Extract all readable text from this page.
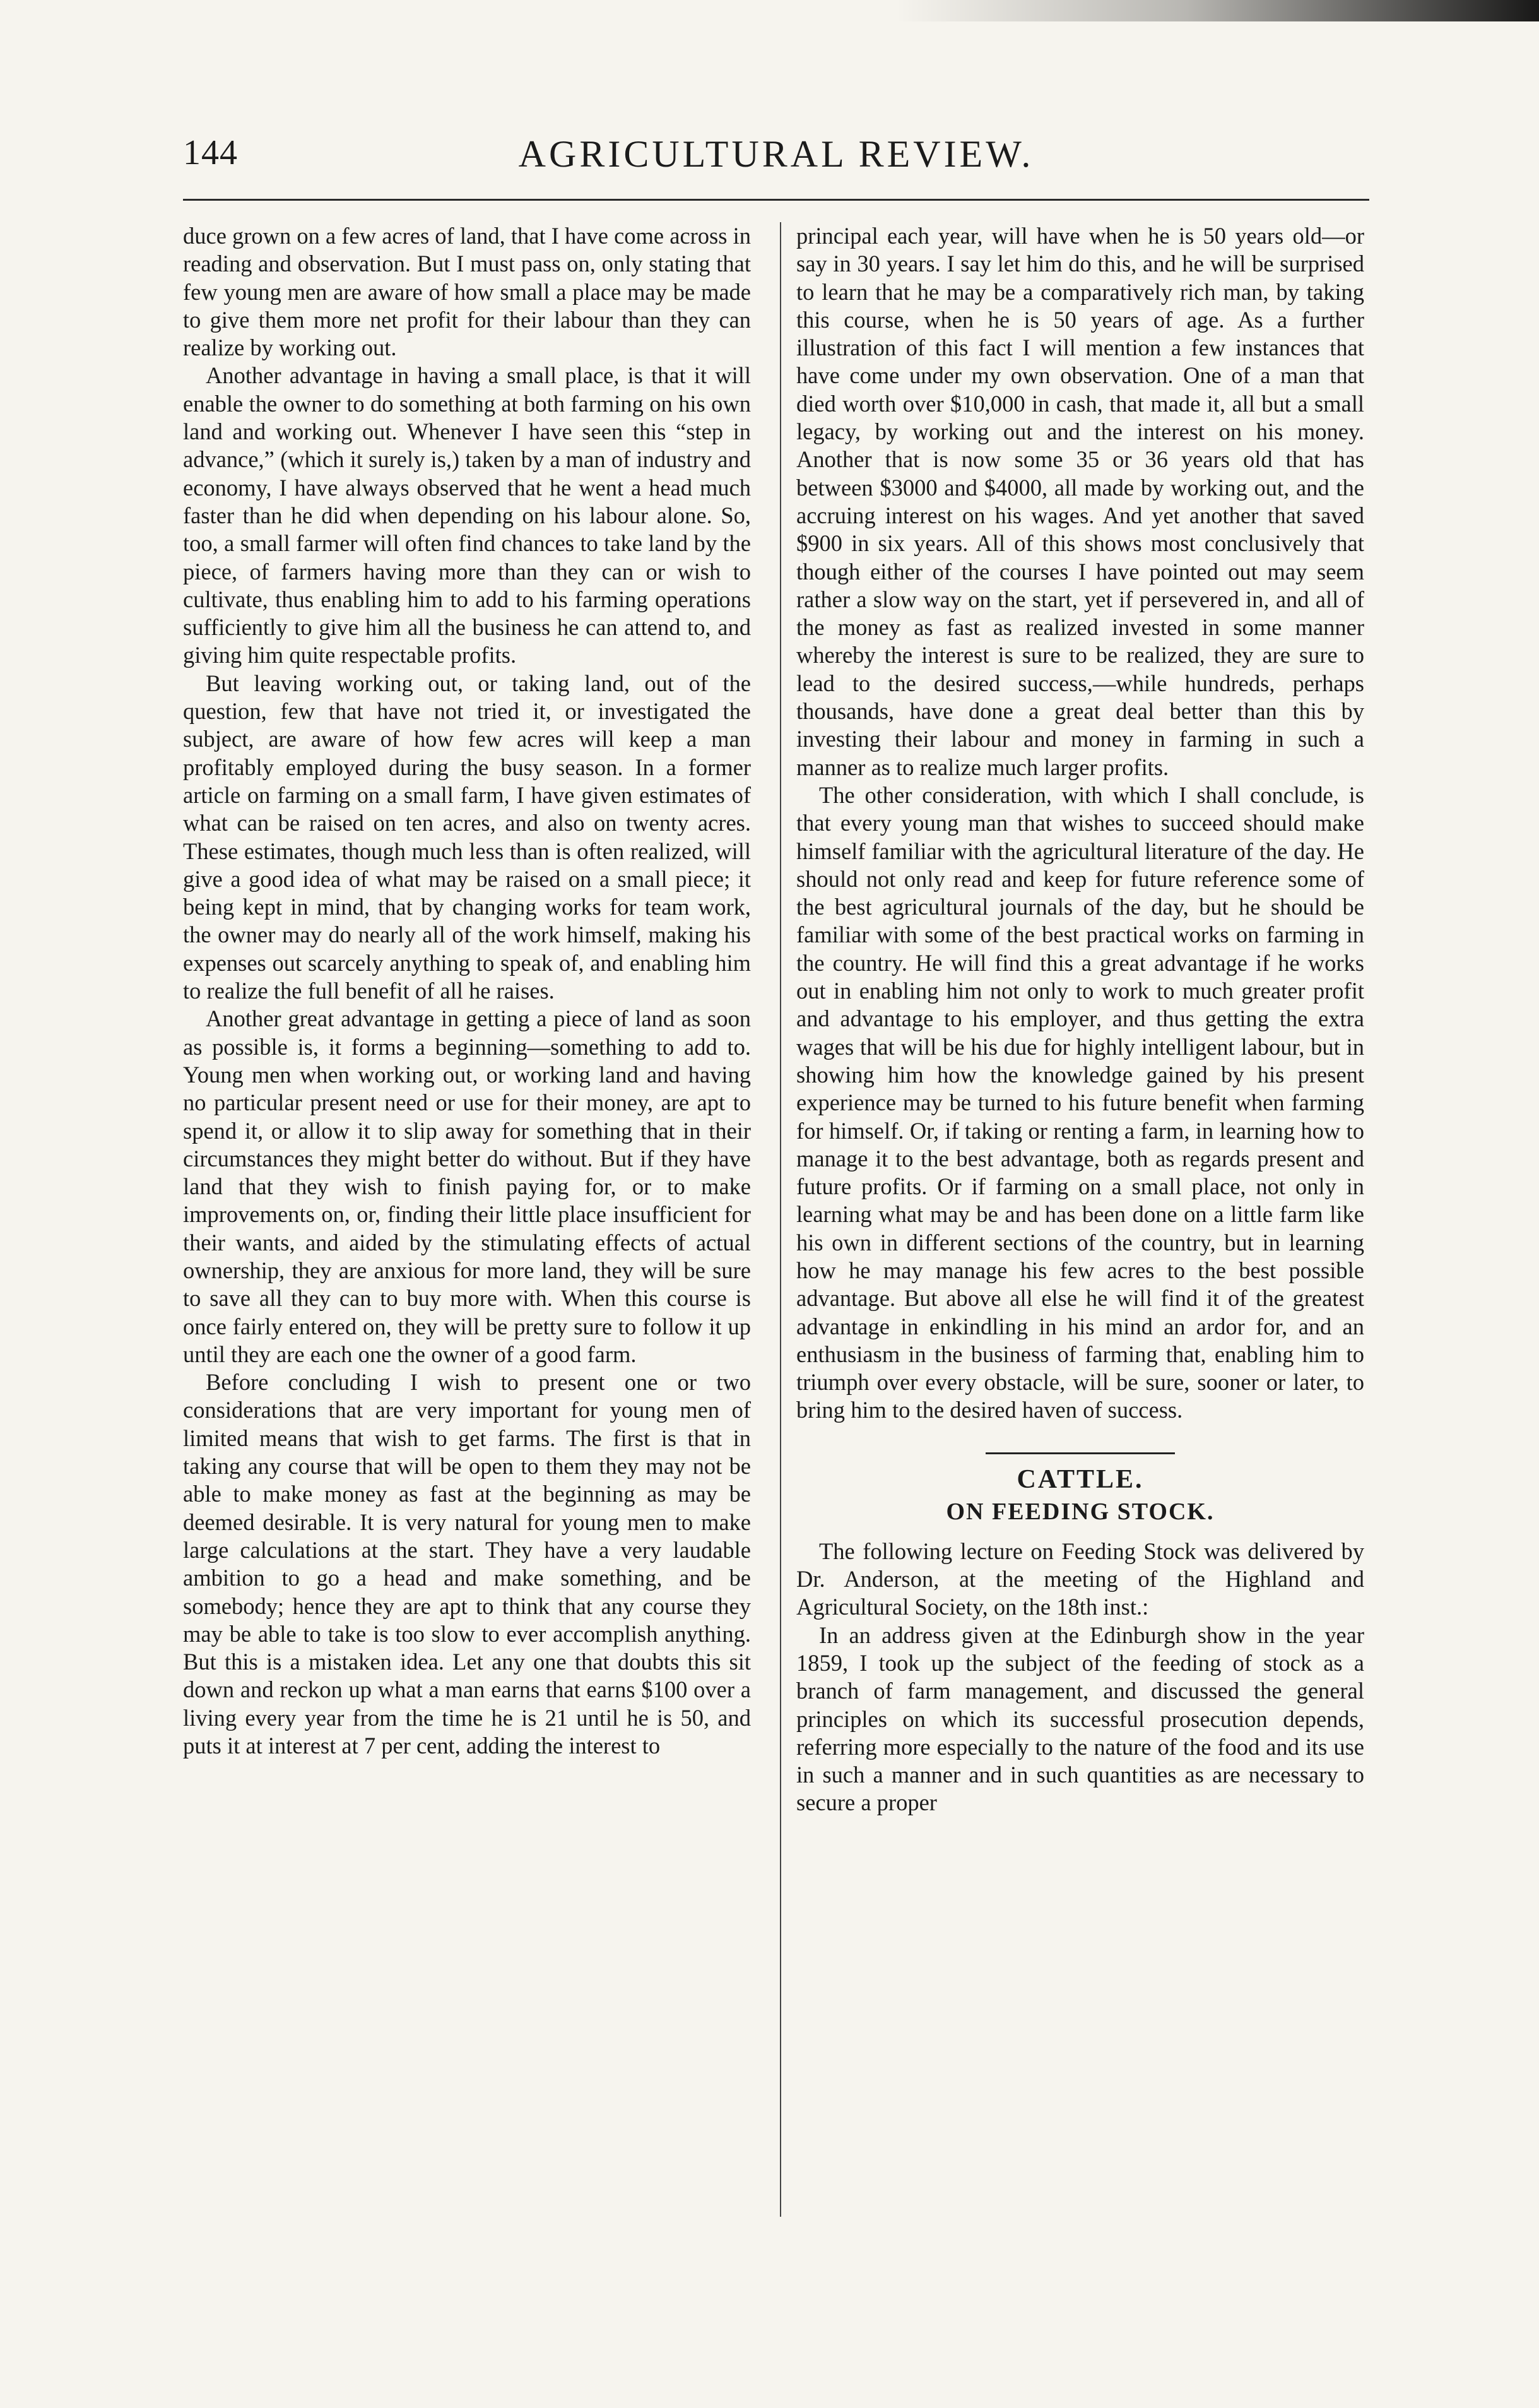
144	AGRICULTURAL REVIEW.

duce grown on a few acres of land, that I have come across in reading and observation. But I must pass on, only stating that few young men are aware of how small a place may be made to give them more net profit for their labour than they can realize by working out.

Another advantage in having a small place, is that it will enable the owner to do something at both farming on his own land and working out. Whenever I have seen this “step in advance,” (which it surely is,) taken by a man of industry and economy, I have always observed that he went a head much faster than he did when depending on his labour alone. So, too, a small farmer will often find chances to take land by the piece, of farmers having more than they can or wish to cultivate, thus enabling him to add to his farming operations sufficiently to give him all the business he can attend to, and giving him quite respectable profits.

But leaving working out, or taking land, out of the question, few that have not tried it, or investigated the subject, are aware of how few acres will keep a man profitably employed during the busy season. In a former article on farming on a small farm, I have given estimates of what can be raised on ten acres, and also on twenty acres. These estimates, though much less than is often realized, will give a good idea of what may be raised on a small piece; it being kept in mind, that by changing works for team work, the owner may do nearly all of the work himself, making his expenses out scarcely anything to speak of, and enabling him to realize the full benefit of all he raises.

Another great advantage in getting a piece of land as soon as possible is, it forms a beginning—something to add to. Young men when working out, or working land and having no particular present need or use for their money, are apt to spend it, or allow it to slip away for something that in their circumstances they might better do without. But if they have land that they wish to finish paying for, or to make improvements on, or, finding their little place insufficient for their wants, and aided by the stimulating effects of actual ownership, they are anxious for more land, they will be sure to save all they can to buy more with. When this course is once fairly entered on, they will be pretty sure to follow it up until they are each one the owner of a good farm.

Before concluding I wish to present one or two considerations that are very important for young men of limited means that wish to get farms. The first is that in taking any course that will be open to them they may not be able to make money as fast at the beginning as may be deemed desirable. It is very natural for young men to make large calculations at the start. They have a very laudable ambition to go a head and make something, and be somebody; hence they are apt to think that any course they may be able to take is too slow to ever accomplish anything. But this is a mistaken idea. Let any one that doubts this sit down and reckon up what a man earns that earns $100 over a living every year from the time he is 21 until he is 50, and puts it at interest at 7 per cent, adding the interest to

principal each year, will have when he is 50 years old—or say in 30 years. I say let him do this, and he will be surprised to learn that he may be a comparatively rich man, by taking this course, when he is 50 years of age. As a further illustration of this fact I will mention a few instances that have come under my own observation. One of a man that died worth over $10,000 in cash, that made it, all but a small legacy, by working out and the interest on his money. Another that is now some 35 or 36 years old that has between $3000 and $4000, all made by working out, and the accruing interest on his wages. And yet another that saved $900 in six years. All of this shows most conclusively that though either of the courses I have pointed out may seem rather a slow way on the start, yet if persevered in, and all of the money as fast as realized invested in some manner whereby the interest is sure to be realized, they are sure to lead to the desired success,—while hundreds, perhaps thousands, have done a great deal better than this by investing their labour and money in farming in such a manner as to realize much larger profits.

The other consideration, with which I shall conclude, is that every young man that wishes to succeed should make himself familiar with the agricultural literature of the day. He should not only read and keep for future reference some of the best agricultural journals of the day, but he should be familiar with some of the best practical works on farming in the country. He will find this a great advantage if he works out in enabling him not only to work to much greater profit and advantage to his employer, and thus getting the extra wages that will be his due for highly intelligent labour, but in showing him how the knowledge gained by his present experience may be turned to his future benefit when farming for himself. Or, if taking or renting a farm, in learning how to manage it to the best advantage, both as regards present and future profits. Or if farming on a small place, not only in learning what may be and has been done on a little farm like his own in different sections of the country, but in learning how he may manage his few acres to the best possible advantage. But above all else he will find it of the greatest advantage in enkindling in his mind an ardor for, and an enthusiasm in the business of farming that, enabling him to triumph over every obstacle, will be sure, sooner or later, to bring him to the desired haven of success.

CATTLE.
ON FEEDING STOCK.

The following lecture on Feeding Stock was delivered by Dr. Anderson, at the meeting of the Highland and Agricultural Society, on the 18th inst.:

In an address given at the Edinburgh show in the year 1859, I took up the subject of the feeding of stock as a branch of farm management, and discussed the general principles on which its successful prosecution depends, referring more especially to the nature of the food and its use in such a manner and in such quantities as are necessary to secure a proper
